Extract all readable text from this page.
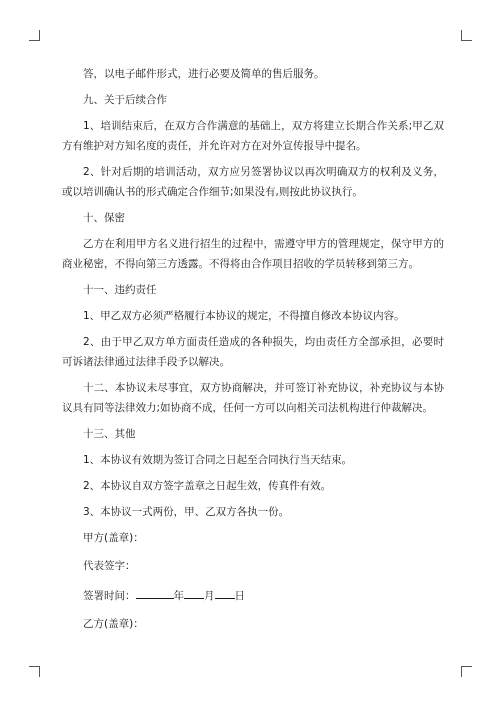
答，以电子邮件形式，进行必要及简单的售后服务。

九、关于后续合作

1、培训结束后，在双方合作满意的基础上，双方将建立长期合作关系;甲乙双方有维护对方知名度的责任，并允许对方在对外宣传报导中提名。

2、针对后期的培训活动，双方应另签署协议以再次明确双方的权利及义务，或以培训确认书的形式确定合作细节;如果没有,则按此协议执行。

十、保密

乙方在利用甲方名义进行招生的过程中，需遵守甲方的管理规定，保守甲方的商业秘密，不得向第三方透露。不得将由合作项目招收的学员转移到第三方。

十一、违约责任

1、甲乙双方必须严格履行本协议的规定，不得擅自修改本协议内容。

2、由于甲乙双方单方面责任造成的各种损失，均由责任方全部承担，必要时可诉诸法律通过法律手段予以解决。

十二、本协议未尽事宜，双方协商解决，并可签订补充协议，补充协议与本协议具有同等法律效力;如协商不成，任何一方可以向相关司法机构进行仲裁解决。

十三、其他

1、本协议有效期为签订合同之日起至合同执行当天结束。

2、本协议自双方签字盖章之日起生效，传真件有效。

3、本协议一式两份，甲、乙双方各执一份。

甲方(盖章)：

代表签字：

签署时间：	年 月 日

乙方(盖章)：
